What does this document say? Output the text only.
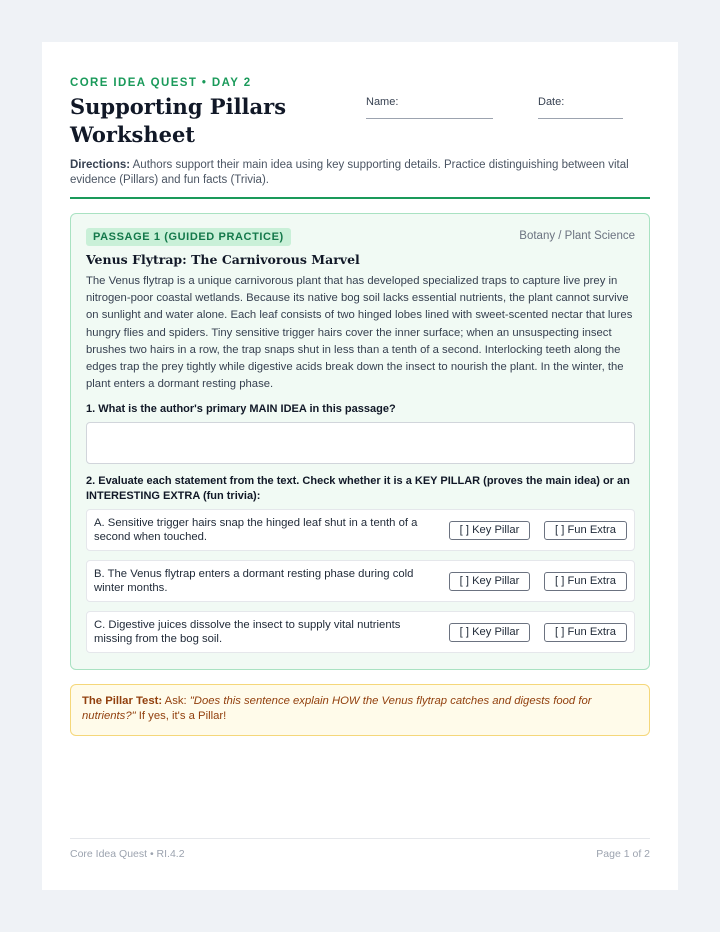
CORE IDEA QUEST • DAY 2
Supporting Pillars Worksheet
Name:	Date:
Directions: Authors support their main idea using key supporting details. Practice distinguishing between vital evidence (Pillars) and fun facts (Trivia).
PASSAGE 1 (GUIDED PRACTICE)	Botany / Plant Science
Venus Flytrap: The Carnivorous Marvel
The Venus flytrap is a unique carnivorous plant that has developed specialized traps to capture live prey in nitrogen-poor coastal wetlands. Because its native bog soil lacks essential nutrients, the plant cannot survive on sunlight and water alone. Each leaf consists of two hinged lobes lined with sweet-scented nectar that lures hungry flies and spiders. Tiny sensitive trigger hairs cover the inner surface; when an unsuspecting insect brushes two hairs in a row, the trap snaps shut in less than a tenth of a second. Interlocking teeth along the edges trap the prey tightly while digestive acids break down the insect to nourish the plant. In the winter, the plant enters a dormant resting phase.
1. What is the author's primary MAIN IDEA in this passage?
2. Evaluate each statement from the text. Check whether it is a KEY PILLAR (proves the main idea) or an INTERESTING EXTRA (fun trivia):
A. Sensitive trigger hairs snap the hinged leaf shut in a tenth of a second when touched.
[ ] Key Pillar	[ ] Fun Extra
B. The Venus flytrap enters a dormant resting phase during cold winter months.
[ ] Key Pillar	[ ] Fun Extra
C. Digestive juices dissolve the insect to supply vital nutrients missing from the bog soil.
[ ] Key Pillar	[ ] Fun Extra
The Pillar Test: Ask: "Does this sentence explain HOW the Venus flytrap catches and digests food for nutrients?" If yes, it's a Pillar!
Core Idea Quest • RI.4.2	Page 1 of 2
